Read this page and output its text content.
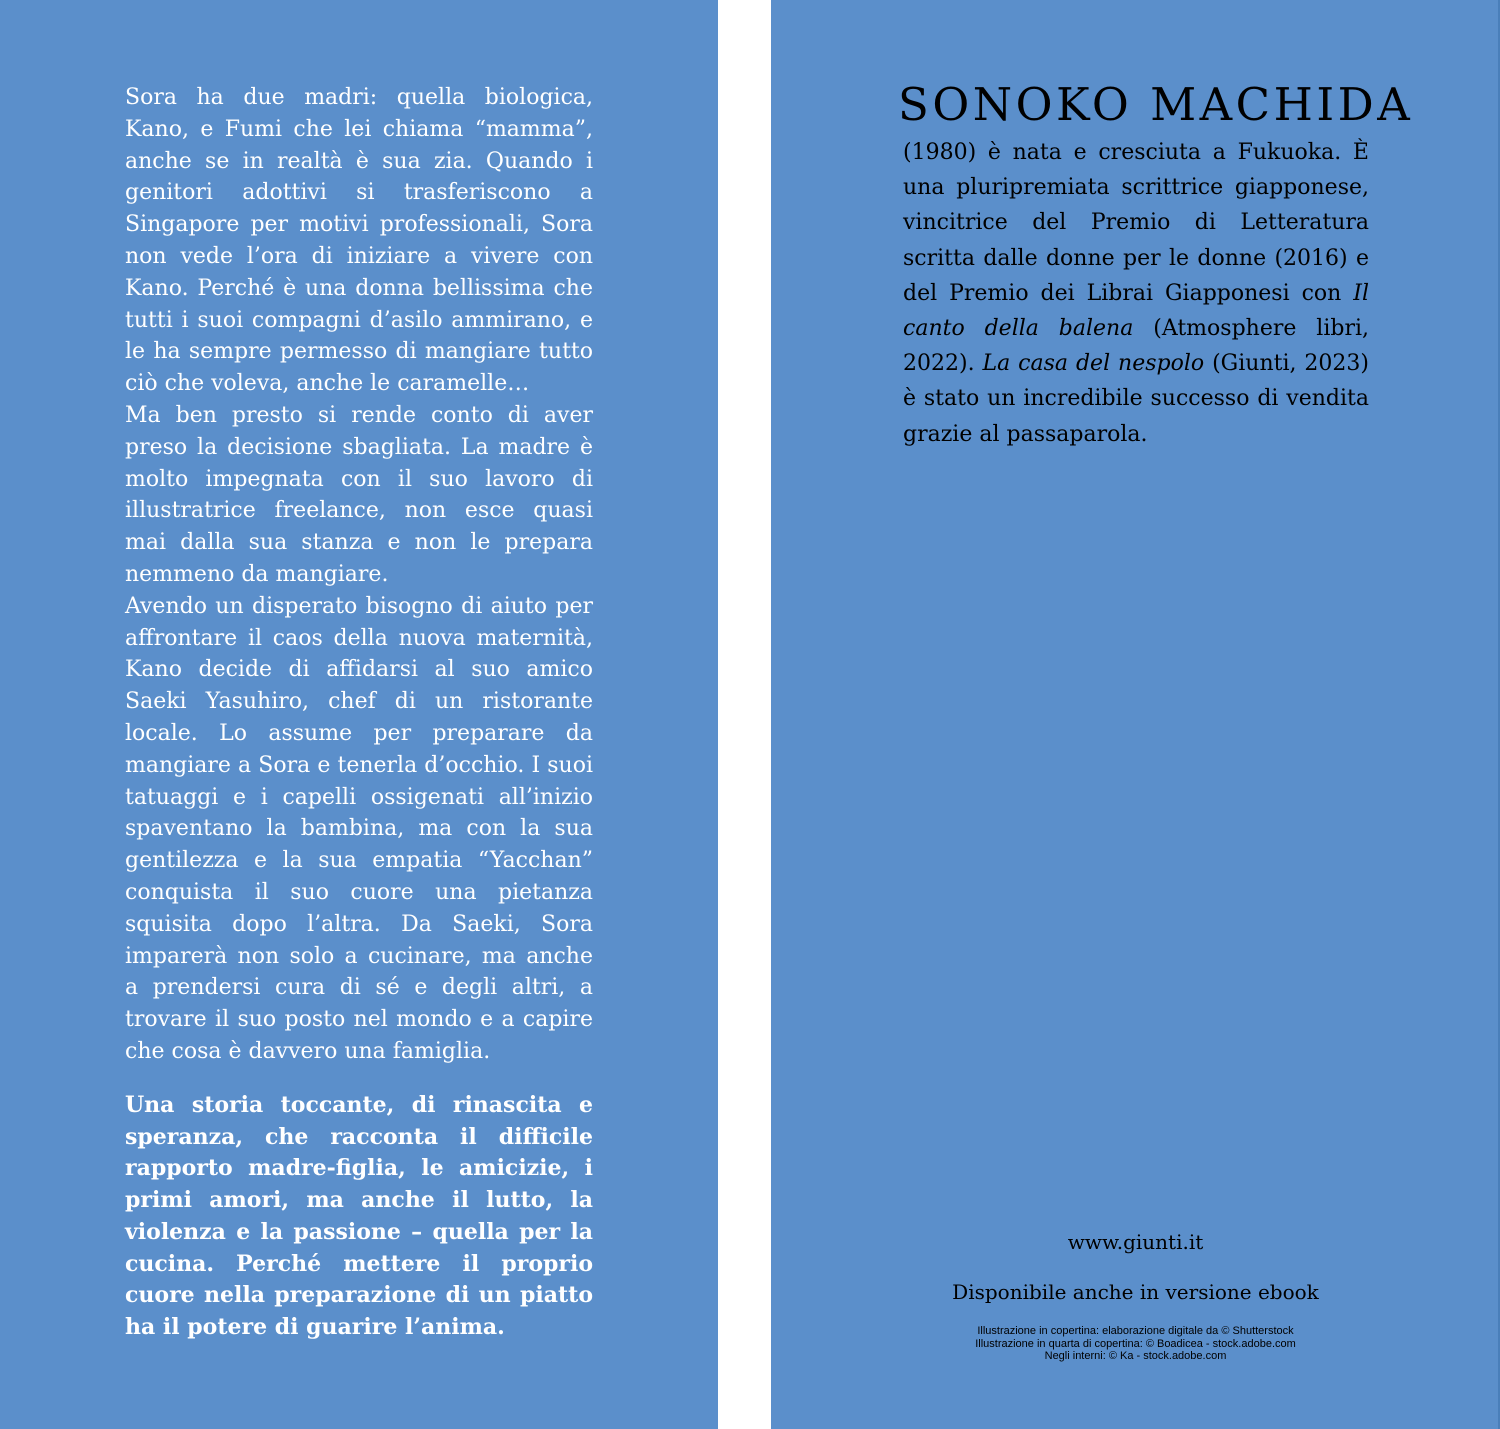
Sora ha due madri: quella biologica, Kano, e Fumi che lei chiama “mamma”, anche se in realtà è sua zia. Quando i genitori adottivi si trasferiscono a Singapore per motivi professionali, Sora non vede l’ora di iniziare a vivere con Kano. Perché è una donna bellissima che tutti i suoi compagni d’asilo ammirano, e le ha sempre permesso di mangiare tutto ciò che voleva, anche le caramelle…

Ma ben presto si rende conto di aver preso la decisione sbagliata. La madre è molto impegnata con il suo lavoro di illustratrice freelance, non esce quasi mai dalla sua stanza e non le prepara nemmeno da mangiare.

Avendo un disperato bisogno di aiuto per affrontare il caos della nuova maternità, Kano decide di affidarsi al suo amico Saeki Yasuhiro, chef di un ristorante locale. Lo assume per preparare da mangiare a Sora e tenerla d’occhio. I suoi tatuaggi e i capelli ossigenati all’inizio spaventano la bambina, ma con la sua gentilezza e la sua empatia “Yacchan” conquista il suo cuore una pietanza squisita dopo l’altra. Da Saeki, Sora imparerà non solo a cucinare, ma anche a prendersi cura di sé e degli altri, a trovare il suo posto nel mondo e a capire che cosa è davvero una famiglia.

Una storia toccante, di rinascita e speranza, che racconta il difficile rapporto madre-figlia, le amicizie, i primi amori, ma anche il lutto, la violenza e la passione – quella per la cucina. Perché mettere il proprio cuore nella preparazione di un piatto ha il potere di guarire l’anima.

SONOKO MACHIDA

(1980) è nata e cresciuta a Fukuoka. È una pluripremiata scrittrice giapponese, vincitrice del Premio di Letteratura scritta dalle donne per le donne (2016) e del Premio dei Librai Giapponesi con Il canto della balena (Atmosphere libri, 2022). La casa del nespolo (Giunti, 2023) è stato un incredibile successo di vendita grazie al passaparola.

www.giunti.it

Disponibile anche in versione ebook

Illustrazione in copertina: elaborazione digitale da © Shutterstock
Illustrazione in quarta di copertina: © Boadicea - stock.adobe.com
Negli interni: © Ka - stock.adobe.com
